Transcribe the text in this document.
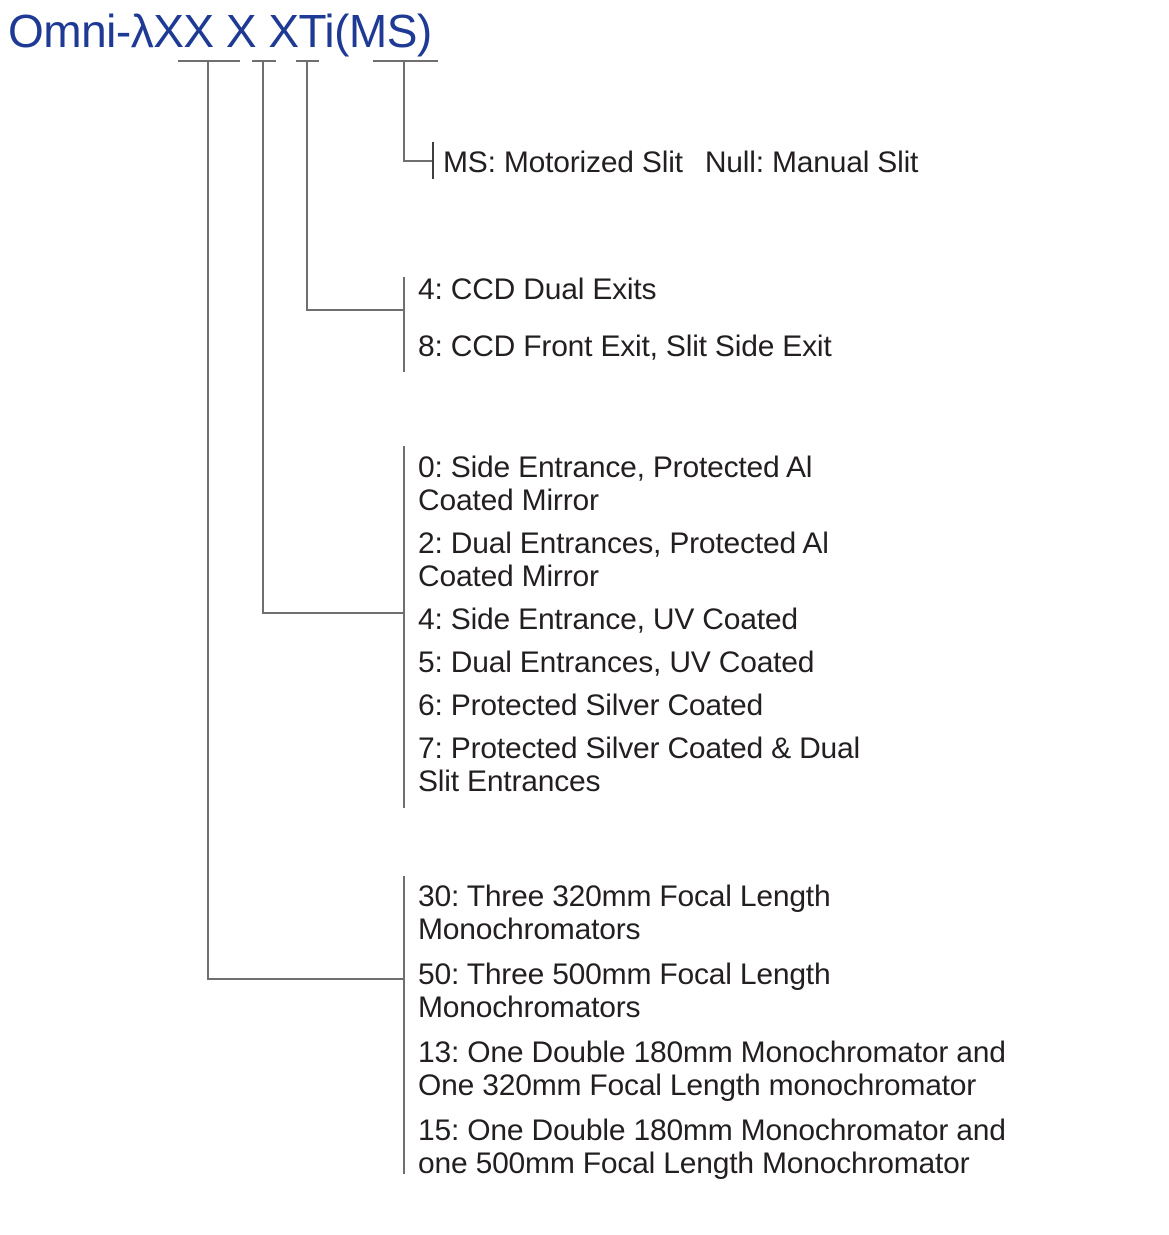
Omni-λXX X XTi(MS)
MS: Motorized Slit Null: Manual Slit
4: CCD Dual Exits
8: CCD Front Exit, Slit Side Exit
0: Side Entrance, Protected Al
Coated Mirror
2: Dual Entrances, Protected Al
Coated Mirror
4: Side Entrance, UV Coated
5: Dual Entrances, UV Coated
6: Protected Silver Coated
7: Protected Silver Coated & Dual
Slit Entrances
30: Three 320mm Focal Length
Monochromators
50: Three 500mm Focal Length
Monochromators
13: One Double 180mm Monochromator and
One 320mm Focal Length monochromator
15: One Double 180mm Monochromator and
one 500mm Focal Length Monochromator
